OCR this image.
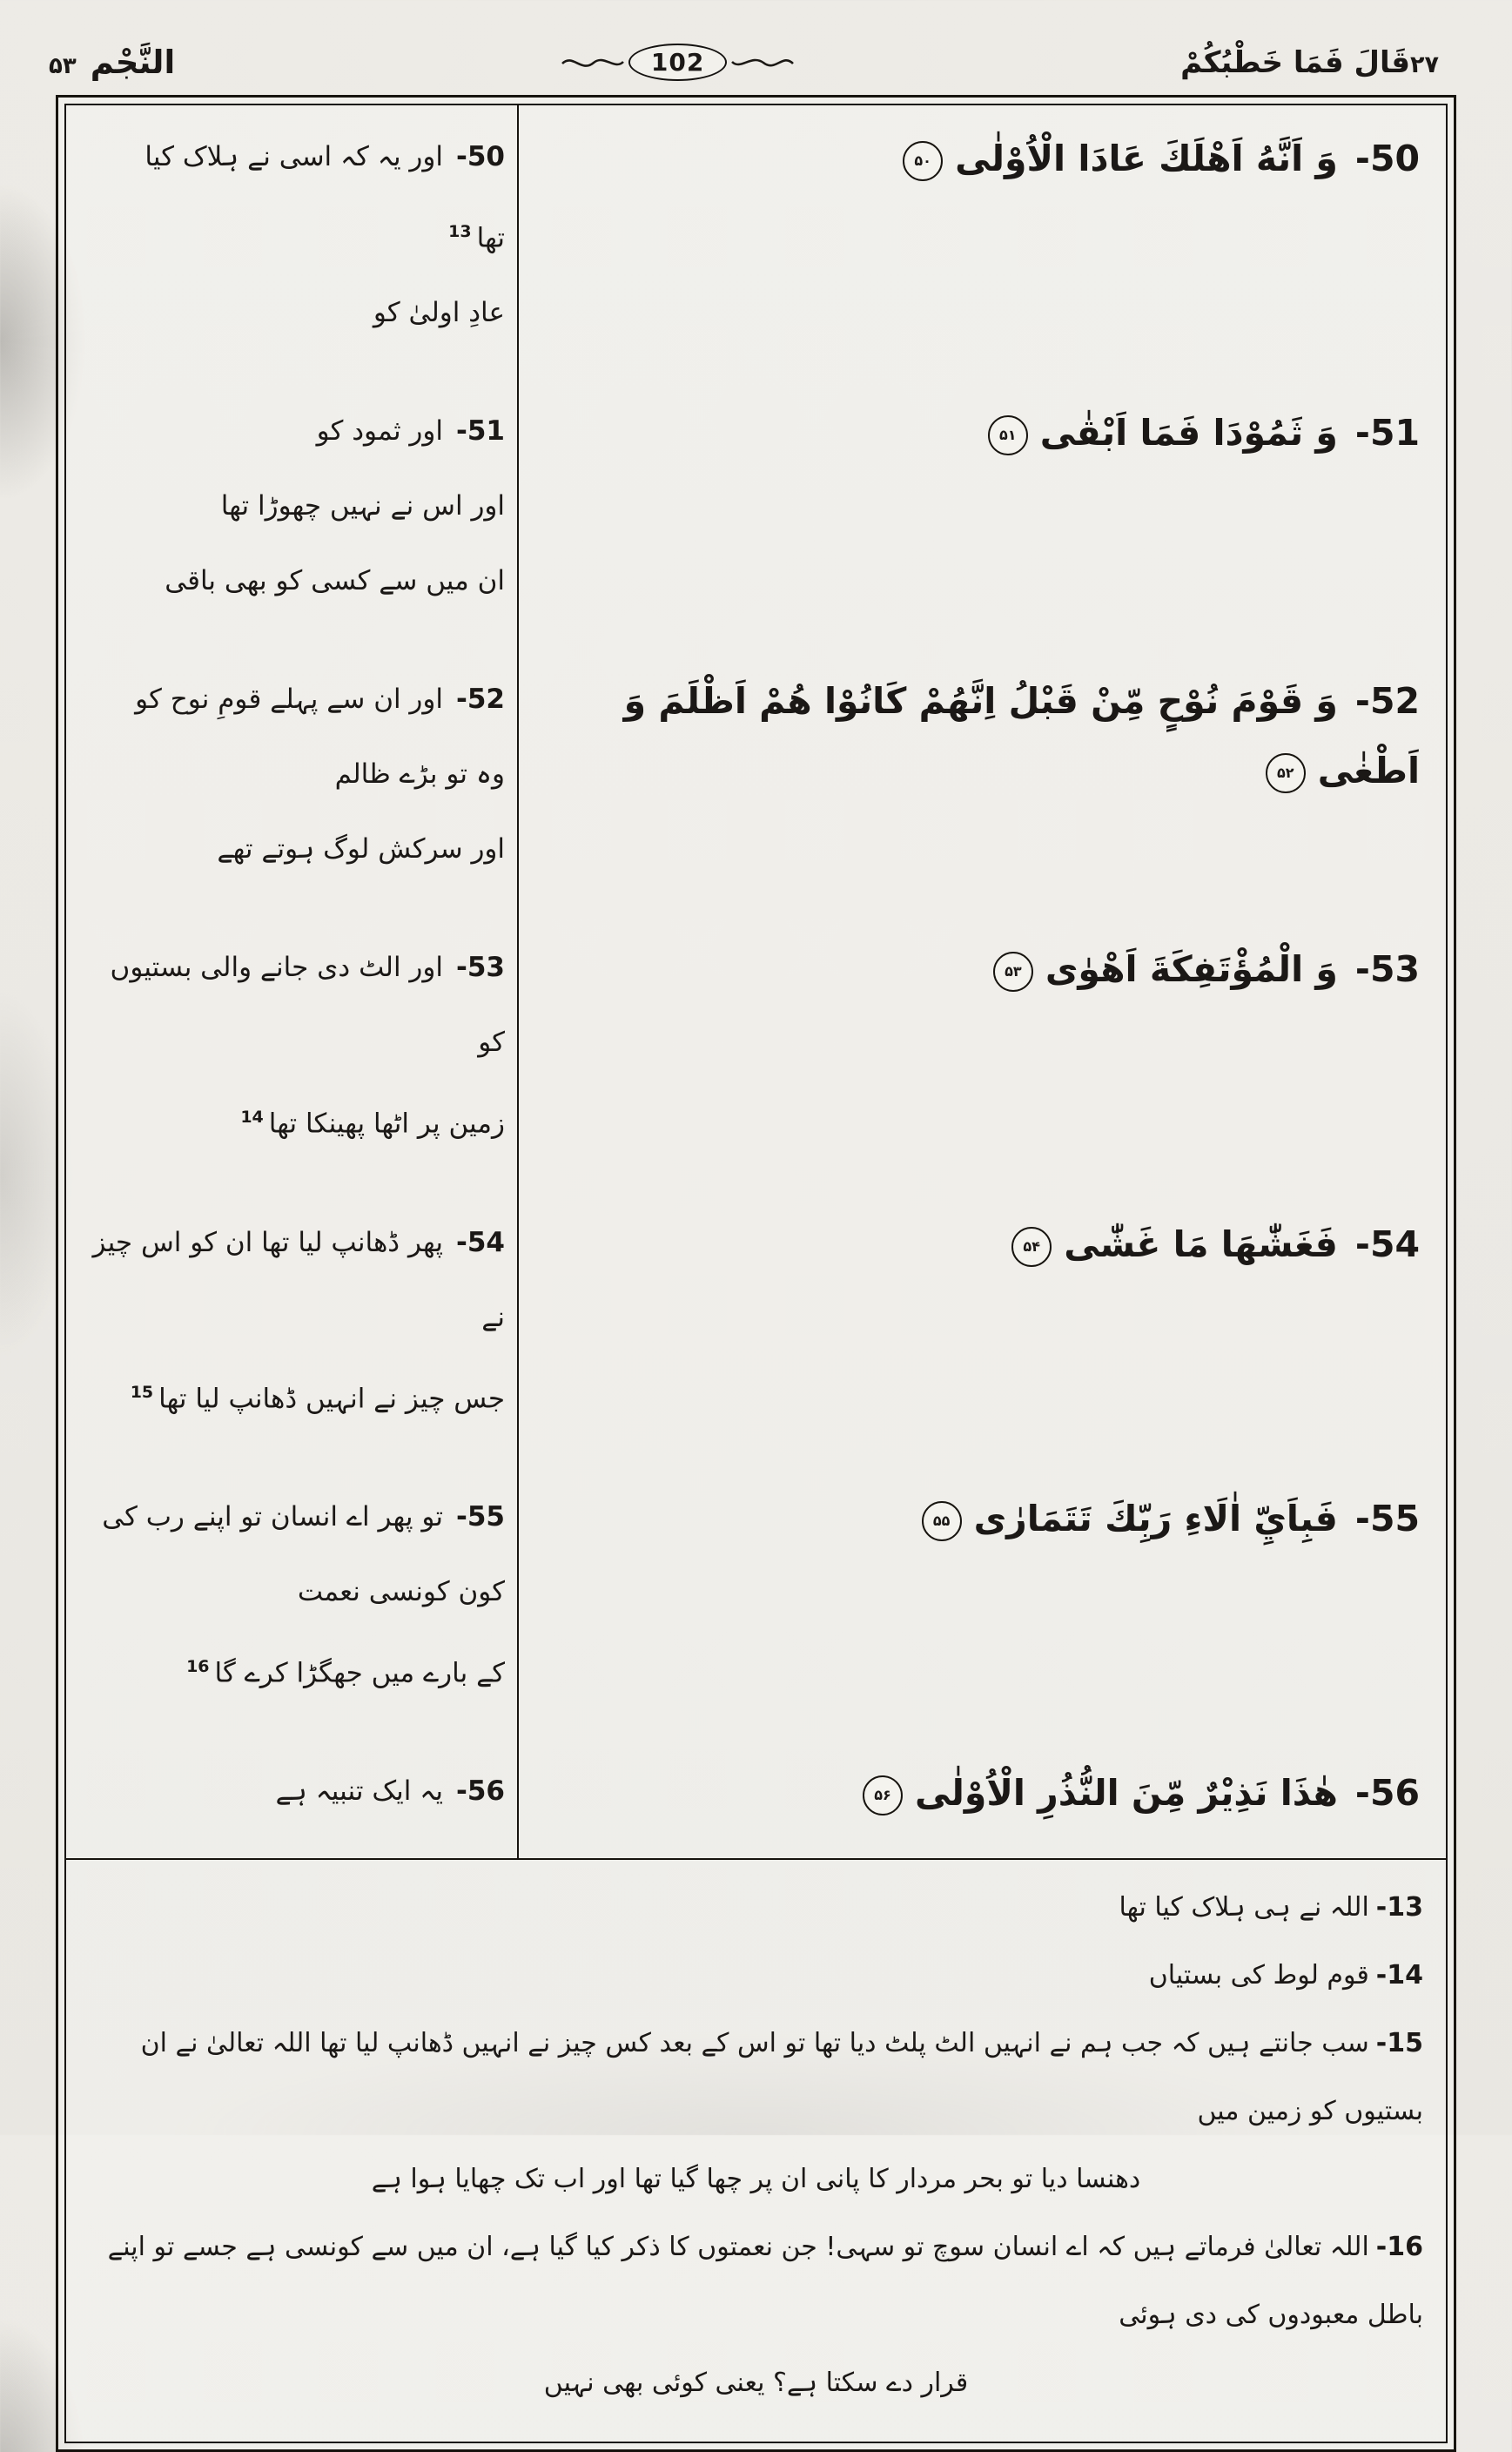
۲۷
قَالَ فَمَا خَطْبُكُمْ
102
النَّجْم
۵۳
50-اور یہ کہ اسی نے ہلاک کیا تھا$^{13}$
عادِ اولیٰ کو
50-وَ اَنَّهُ اَهْلَكَ عَادَا الْاُوْلٰى
۵۰
51-اور ثمود کو
اور اس نے نہیں چھوڑا تھا
ان میں سے کسی کو بھی باقی
51-وَ ثَمُوْدَا فَمَا اَبْقٰى
۵۱
52-اور ان سے پہلے قومِ نوح کو
وہ تو بڑے ظالم
اور سرکش لوگ ہوتے تھے
52-وَ قَوْمَ نُوْحٍ مِّنْ قَبْلُ اِنَّهُمْ كَانُوْا هُمْ اَظْلَمَ وَ اَطْغٰى
۵۲
53-اور الٹ دی جانے والی بستیوں کو
زمین پر اٹھا پھینکا تھا$^{14}$
53-وَ الْمُؤْتَفِكَةَ اَهْوٰى
۵۳
54-پھر ڈھانپ لیا تھا ان کو اس چیز نے
جس چیز نے انہیں ڈھانپ لیا تھا$^{15}$
54-فَغَشّٰهَا مَا غَشّٰى
۵۴
55-تو پھر اے انسان تو اپنے رب کی کون کونسی نعمت
کے بارے میں جھگڑا کرے گا$^{16}$
55-فَبِاَيِّ اٰلَاءِ رَبِّكَ تَتَمَارٰى
۵۵
56-یہ ایک تنبیہ ہے	56-هٰذَا نَذِيْرٌ مِّنَ النُّذُرِ الْاُوْلٰى
۵۶
13-اللہ نے ہی ہلاک کیا تھا
14-قوم لوط کی بستیاں
15-سب جانتے ہیں کہ جب ہم نے انہیں الٹ پلٹ دیا تھا تو اس کے بعد کس چیز نے انہیں ڈھانپ لیا تھا اللہ تعالیٰ نے ان بستیوں کو زمین میں
دھنسا دیا تو بحر مردار کا پانی ان پر چھا گیا تھا اور اب تک چھایا ہوا ہے
16-اللہ تعالیٰ فرماتے ہیں کہ اے انسان سوچ تو سہی! جن نعمتوں کا ذکر کیا گیا ہے، ان میں سے کونسی ہے جسے تو اپنے باطل معبودوں کی دی ہوئی
قرار دے سکتا ہے؟ یعنی کوئی بھی نہیں
